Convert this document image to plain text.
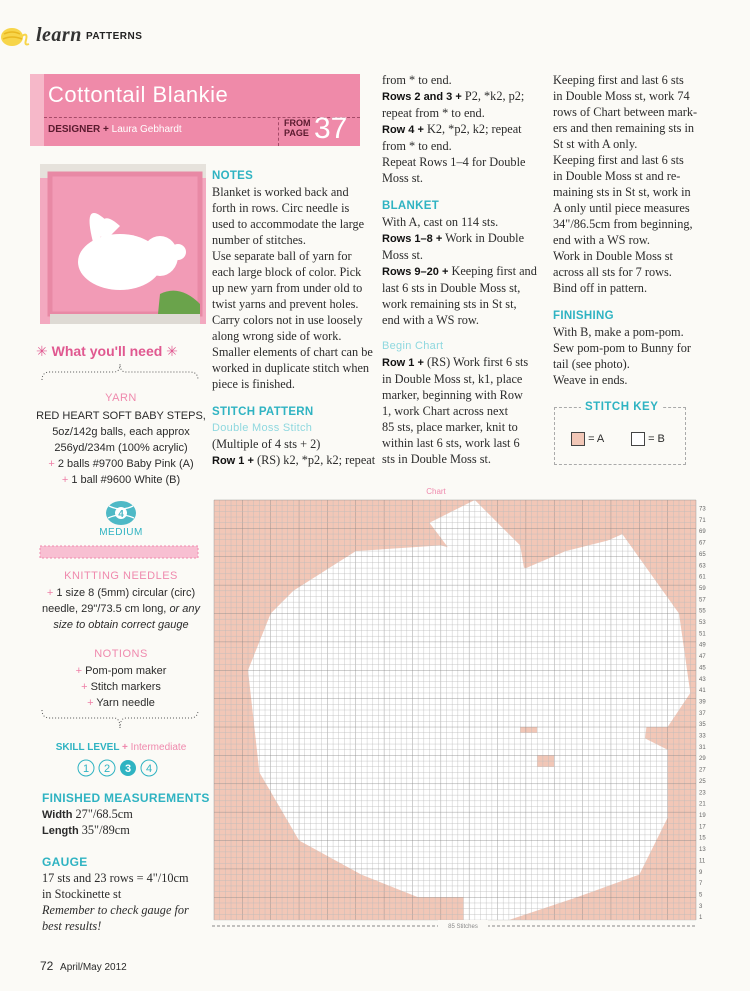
learn PATTERNS
Cottontail Blankie
DESIGNER + Laura Gebhardt
FROM
PAGE 37
✳ What you'll need ✳
YARN
RED HEART SOFT BABY STEPS,
5oz/142g balls, each approx
256yd/234m (100% acrylic)
+ 2 balls #9700 Baby Pink (A)
+ 1 ball #9600 White (B)
4
MEDIUM
KNITTING NEEDLES
+ 1 size 8 (5mm) circular (circ)
needle, 29"/73.5 cm long, or any
size to obtain correct gauge
NOTIONS
+ Pom-pom maker
+ Stitch markers
+ Yarn needle
SKILL LEVEL + Intermediate
1 2 3 4
FINISHED MEASUREMENTS
Width 27"/68.5cm
Length 35"/89cm
GAUGE
17 sts and 23 rows = 4"/10cm
in Stockinette st
Remember to check gauge for
best results!
NOTES
Blanket is worked back and
forth in rows. Circ needle is
used to accommodate the large
number of stitches.
Use separate ball of yarn for
each large block of color. Pick
up new yarn from under old to
twist yarns and prevent holes.
Carry colors not in use loosely
along wrong side of work.
Smaller elements of chart can be
worked in duplicate stitch when
piece is finished.
STITCH PATTERN
Double Moss Stitch
(Multiple of 4 sts + 2)
Row 1 + (RS) k2, *p2, k2; repeat
from * to end.
Rows 2 and 3 + P2, *k2, p2;
repeat from * to end.
Row 4 + K2, *p2, k2; repeat
from * to end.
Repeat Rows 1–4 for Double
Moss st.
BLANKET
With A, cast on 114 sts.
Rows 1–8 + Work in Double
Moss st.
Rows 9–20 + Keeping first and
last 6 sts in Double Moss st,
work remaining sts in St st,
end with a WS row.
Begin Chart
Row 1 + (RS) Work first 6 sts
in Double Moss st, k1, place
marker, beginning with Row
1, work Chart across next
85 sts, place marker, knit to
within last 6 sts, work last 6
sts in Double Moss st.
Keeping first and last 6 sts
in Double Moss st, work 74
rows of Chart between mark-
ers and then remaining sts in
St st with A only.
Keeping first and last 6 sts
in Double Moss st and re-
maining sts in St st, work in
A only until piece measures
34"/86.5cm from beginning,
end with a WS row.
Work in Double Moss st
across all sts for 7 rows.
Bind off in pattern.
FINISHING
With B, make a pom-pom.
Sew pom-pom to Bunny for
tail (see photo).
Weave in ends.
STITCH KEY
= A	= B
Chart
73
71
69
67
65
63
61
59
57
55
53
51
49
47
45
43
41
39
37
35
33
31
29
27
25
23
21
19
17
15
13
11
9
7
5
3
1
85 Stitches
72 April/May 2012
